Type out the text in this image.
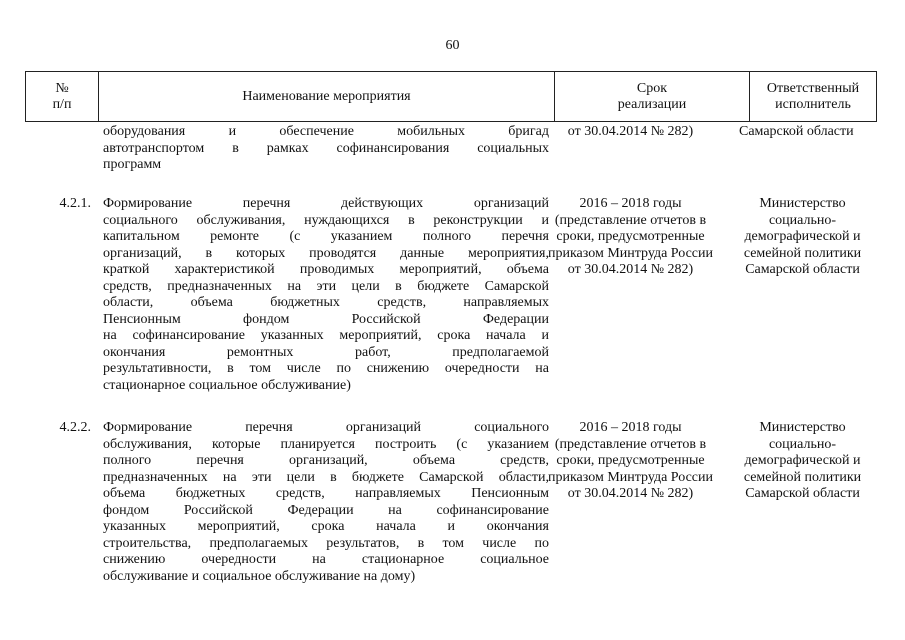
60
№
п/п
Наименование мероприятия
Срок
реализации
Ответственный
исполнитель
оборудования и обеспечение мобильных бригад
автотранспортом в рамках софинансирования социальных
программ
от 30.04.2014 № 282)	Самарской области
4.2.1. Формирование перечня действующих организаций
социального обслуживания, нуждающихся в реконструкции и
капитальном ремонте (с указанием полного перечня
организаций, в которых проводятся данные мероприятия,
краткой характеристикой проводимых мероприятий, объема
средств, предназначенных на эти цели в бюджете Самарской
области, объема бюджетных средств, направляемых
Пенсионным фондом Российской Федерации
на софинансирование указанных мероприятий, срока начала и
окончания ремонтных работ, предполагаемой
результативности, в том числе по снижению очередности на
стационарное социальное обслуживание)
2016 – 2018 годы
(представление отчетов в
сроки, предусмотренные
приказом Минтруда России
от 30.04.2014 № 282)
Министерство
социально-
демографической и
семейной политики
Самарской области
4.2.2. Формирование перечня организаций социального
обслуживания, которые планируется построить (с указанием
полного перечня организаций, объема средств,
предназначенных на эти цели в бюджете Самарской области,
объема бюджетных средств, направляемых Пенсионным
фондом Российской Федерации на софинансирование
указанных мероприятий, срока начала и окончания
строительства, предполагаемых результатов, в том числе по
снижению очередности на стационарное социальное
обслуживание и социальное обслуживание на дому)
2016 – 2018 годы
(представление отчетов в
сроки, предусмотренные
приказом Минтруда России
от 30.04.2014 № 282)
Министерство
социально-
демографической и
семейной политики
Самарской области
